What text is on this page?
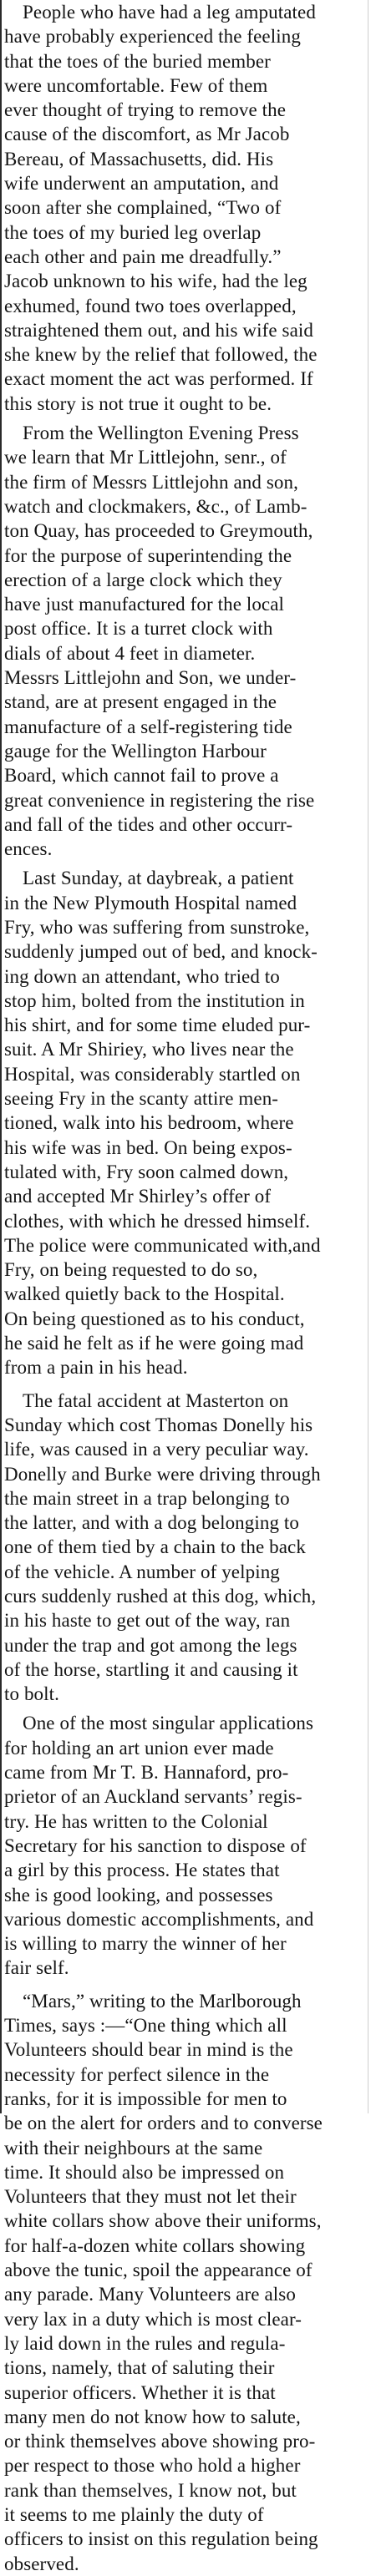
People who have had a leg amputated
have probably experienced the feeling
that the toes of the buried member
were uncomfortable. Few of them
ever thought of trying to remove the
cause of the discomfort, as Mr Jacob
Bereau, of Massachusetts, did. His
wife underwent an amputation, and
soon after she complained, “Two of
the toes of my buried leg overlap
each other and pain me dreadfully.”
Jacob unknown to his wife, had the leg
exhumed, found two toes overlapped,
straightened them out, and his wife said
she knew by the relief that followed, the
exact moment the act was performed. If
this story is not true it ought to be.
From the Wellington Evening Press
we learn that Mr Littlejohn, senr., of
the firm of Messrs Littlejohn and son,
watch and clockmakers, &c., of Lamb-
ton Quay, has proceeded to Greymouth,
for the purpose of superintending the
erection of a large clock which they
have just manufactured for the local
post office. It is a turret clock with
dials of about 4 feet in diameter.
Messrs Littlejohn and Son, we under-
stand, are at present engaged in the
manufacture of a self-registering tide
gauge for the Wellington Harbour
Board, which cannot fail to prove a
great convenience in registering the rise
and fall of the tides and other occurr-
ences.
Last Sunday, at daybreak, a patient
in the New Plymouth Hospital named
Fry, who was suffering from sunstroke,
suddenly jumped out of bed, and knock-
ing down an attendant, who tried to
stop him, bolted from the institution in
his shirt, and for some time eluded pur-
suit. A Mr Shiriey, who lives near the
Hospital, was considerably startled on
seeing Fry in the scanty attire men-
tioned, walk into his bedroom, where
his wife was in bed. On being expos-
tulated with, Fry soon calmed down,
and accepted Mr Shirley’s offer of
clothes, with which he dressed himself.
The police were communicated with,and
Fry, on being requested to do so,
walked quietly back to the Hospital.
On being questioned as to his conduct,
he said he felt as if he were going mad
from a pain in his head.
The fatal accident at Masterton on
Sunday which cost Thomas Donelly his
life, was caused in a very peculiar way.
Donelly and Burke were driving through
the main street in a trap belonging to
the latter, and with a dog belonging to
one of them tied by a chain to the back
of the vehicle. A number of yelping
curs suddenly rushed at this dog, which,
in his haste to get out of the way, ran
under the trap and got among the legs
of the horse, startling it and causing it
to bolt.
One of the most singular applications
for holding an art union ever made
came from Mr T. B. Hannaford, pro-
prietor of an Auckland servants’ regis-
try. He has written to the Colonial
Secretary for his sanction to dispose of
a girl by this process. He states that
she is good looking, and possesses
various domestic accomplishments, and
is willing to marry the winner of her
fair self.
“Mars,” writing to the Marlborough
Times, says :—“One thing which all
Volunteers should bear in mind is the
necessity for perfect silence in the
ranks, for it is impossible for men to
be on the alert for orders and to converse
with their neighbours at the same
time. It should also be impressed on
Volunteers that they must not let their
white collars show above their uniforms,
for half-a-dozen white collars showing
above the tunic, spoil the appearance of
any parade. Many Volunteers are also
very lax in a duty which is most clear-
ly laid down in the rules and regula-
tions, namely, that of saluting their
superior officers. Whether it is that
many men do not know how to salute,
or think themselves above showing pro-
per respect to those who hold a higher
rank than themselves, I know not, but
it seems to me plainly the duty of
officers to insist on this regulation being
observed.
